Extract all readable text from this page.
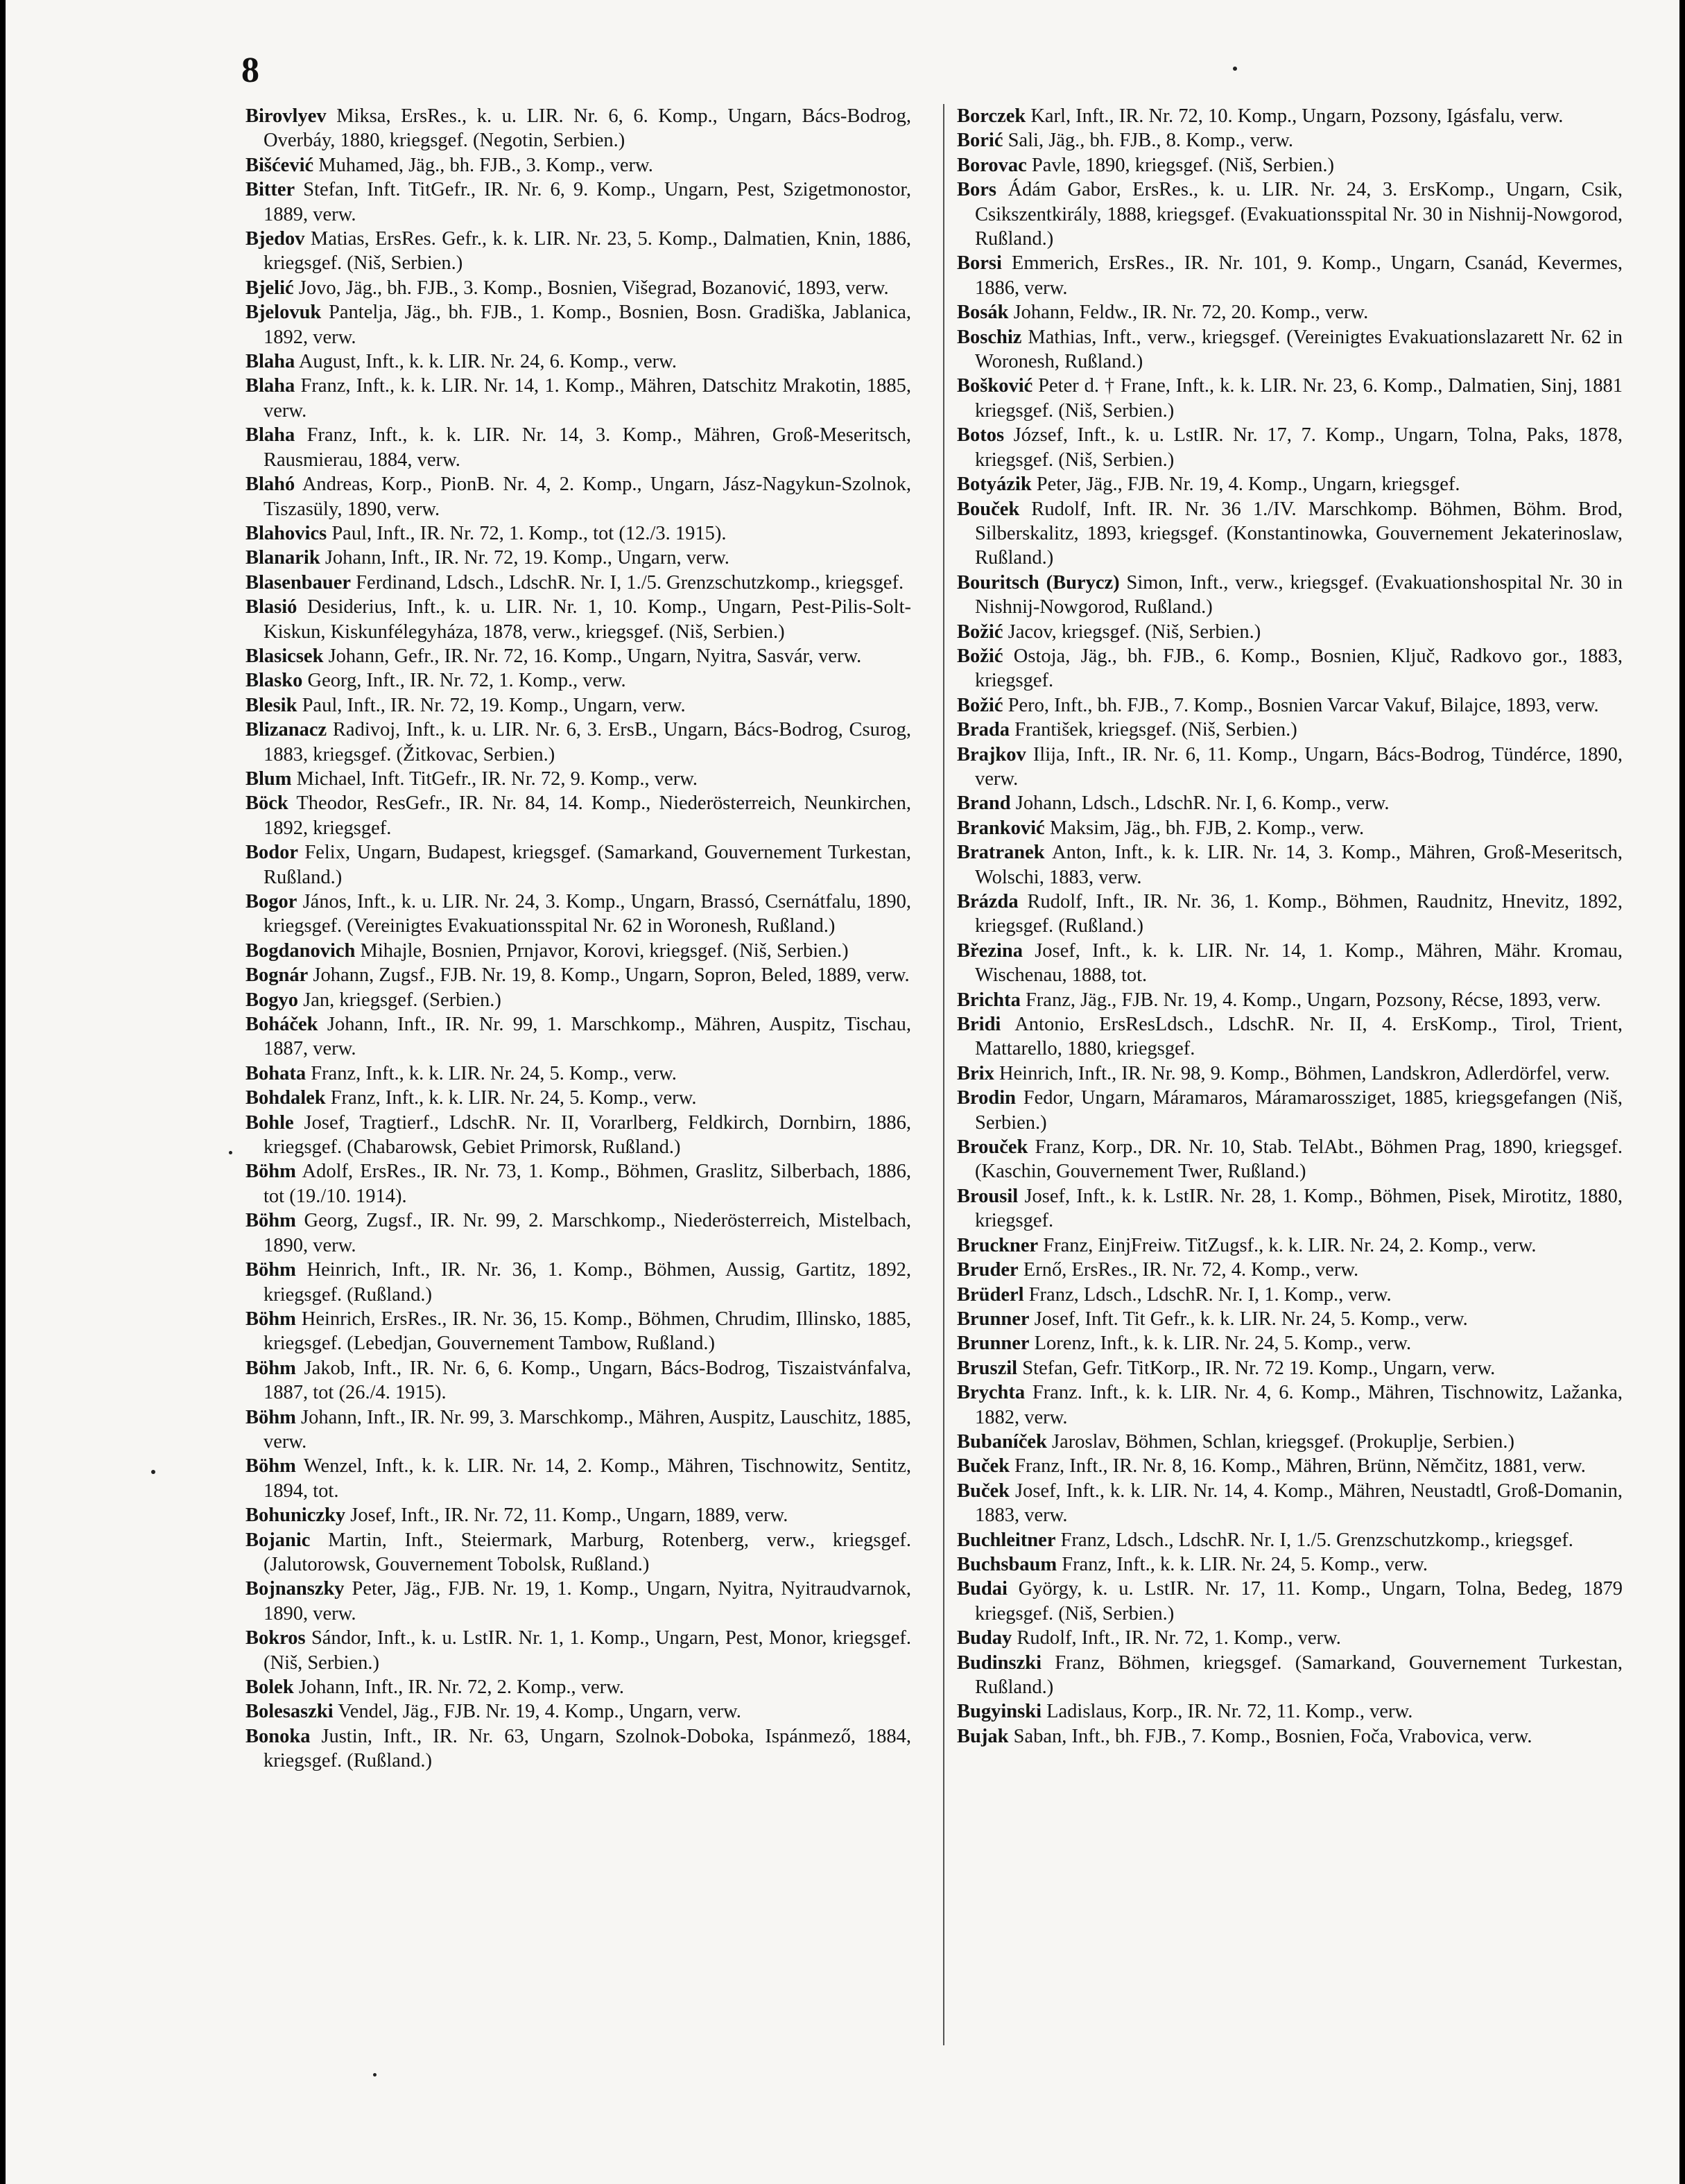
8

Birovlyev Miksa, ErsRes., k. u. LIR. Nr. 6, 6. Komp., Ungarn, Bács-Bodrog, Overbáy, 1880, kriegsgef. (Negotin, Serbien.)

Bišćević Muhamed, Jäg., bh. FJB., 3. Komp., verw.

Bitter Stefan, Inft. TitGefr., IR. Nr. 6, 9. Komp., Ungarn, Pest, Szigetmonostor, 1889, verw.

Bjedov Matias, ErsRes. Gefr., k. k. LIR. Nr. 23, 5. Komp., Dalmatien, Knin, 1886, kriegsgef. (Niš, Serbien.)

Bjelić Jovo, Jäg., bh. FJB., 3. Komp., Bosnien, Višegrad, Bozanović, 1893, verw.

Bjelovuk Pantelja, Jäg., bh. FJB., 1. Komp., Bosnien, Bosn. Gradiška, Jablanica, 1892, verw.

Blaha August, Inft., k. k. LIR. Nr. 24, 6. Komp., verw.

Blaha Franz, Inft., k. k. LIR. Nr. 14, 1. Komp., Mähren, Datschitz Mrakotin, 1885, verw.

Blaha Franz, Inft., k. k. LIR. Nr. 14, 3. Komp., Mähren, Groß-Meseritsch, Rausmierau, 1884, verw.

Blahó Andreas, Korp., PionB. Nr. 4, 2. Komp., Ungarn, Jász-Nagykun-Szolnok, Tiszasüly, 1890, verw.

Blahovics Paul, Inft., IR. Nr. 72, 1. Komp., tot (12./3. 1915).

Blanarik Johann, Inft., IR. Nr. 72, 19. Komp., Ungarn, verw.

Blasenbauer Ferdinand, Ldsch., LdschR. Nr. I, 1./5. Grenzschutzkomp., kriegsgef.

Blasió Desiderius, Inft., k. u. LIR. Nr. 1, 10. Komp., Ungarn, Pest-Pilis-Solt-Kiskun, Kiskunfélegyháza, 1878, verw., kriegsgef. (Niš, Serbien.)

Blasicsek Johann, Gefr., IR. Nr. 72, 16. Komp., Ungarn, Nyitra, Sasvár, verw.

Blasko Georg, Inft., IR. Nr. 72, 1. Komp., verw.

Blesik Paul, Inft., IR. Nr. 72, 19. Komp., Ungarn, verw.

Blizanacz Radivoj, Inft., k. u. LIR. Nr. 6, 3. ErsB., Ungarn, Bács-Bodrog, Csurog, 1883, kriegsgef. (Žitkovac, Serbien.)

Blum Michael, Inft. TitGefr., IR. Nr. 72, 9. Komp., verw.

Böck Theodor, ResGefr., IR. Nr. 84, 14. Komp., Niederösterreich, Neunkirchen, 1892, kriegsgef.

Bodor Felix, Ungarn, Budapest, kriegsgef. (Samarkand, Gouvernement Turkestan, Rußland.)

Bogor János, Inft., k. u. LIR. Nr. 24, 3. Komp., Ungarn, Brassó, Csernátfalu, 1890, kriegsgef. (Vereinigtes Evakuationsspital Nr. 62 in Woronesh, Rußland.)

Bogdanovich Mihajle, Bosnien, Prnjavor, Korovi, kriegsgef. (Niš, Serbien.)

Bognár Johann, Zugsf., FJB. Nr. 19, 8. Komp., Ungarn, Sopron, Beled, 1889, verw.

Bogyo Jan, kriegsgef. (Serbien.)

Boháček Johann, Inft., IR. Nr. 99, 1. Marschkomp., Mähren, Auspitz, Tischau, 1887, verw.

Bohata Franz, Inft., k. k. LIR. Nr. 24, 5. Komp., verw.

Bohdalek Franz, Inft., k. k. LIR. Nr. 24, 5. Komp., verw.

Bohle Josef, Tragtierf., LdschR. Nr. II, Vorarlberg, Feldkirch, Dornbirn, 1886, kriegsgef. (Chabarowsk, Gebiet Primorsk, Rußland.)

Böhm Adolf, ErsRes., IR. Nr. 73, 1. Komp., Böhmen, Graslitz, Silberbach, 1886, tot (19./10. 1914).

Böhm Georg, Zugsf., IR. Nr. 99, 2. Marschkomp., Niederösterreich, Mistelbach, 1890, verw.

Böhm Heinrich, Inft., IR. Nr. 36, 1. Komp., Böhmen, Aussig, Gartitz, 1892, kriegsgef. (Rußland.)

Böhm Heinrich, ErsRes., IR. Nr. 36, 15. Komp., Böhmen, Chrudim, Illinsko, 1885, kriegsgef. (Lebedjan, Gouvernement Tambow, Rußland.)

Böhm Jakob, Inft., IR. Nr. 6, 6. Komp., Ungarn, Bács-Bodrog, Tiszaistvánfalva, 1887, tot (26./4. 1915).

Böhm Johann, Inft., IR. Nr. 99, 3. Marschkomp., Mähren, Auspitz, Lauschitz, 1885, verw.

Böhm Wenzel, Inft., k. k. LIR. Nr. 14, 2. Komp., Mähren, Tischnowitz, Sentitz, 1894, tot.

Bohuniczky Josef, Inft., IR. Nr. 72, 11. Komp., Ungarn, 1889, verw.

Bojanic Martin, Inft., Steiermark, Marburg, Rotenberg, verw., kriegsgef. (Jalutorowsk, Gouvernement Tobolsk, Rußland.)

Bojnanszky Peter, Jäg., FJB. Nr. 19, 1. Komp., Ungarn, Nyitra, Nyitraudvarnok, 1890, verw.

Bokros Sándor, Inft., k. u. LstIR. Nr. 1, 1. Komp., Ungarn, Pest, Monor, kriegsgef. (Niš, Serbien.)

Bolek Johann, Inft., IR. Nr. 72, 2. Komp., verw.

Bolesaszki Vendel, Jäg., FJB. Nr. 19, 4. Komp., Ungarn, verw.

Bonoka Justin, Inft., IR. Nr. 63, Ungarn, Szolnok-Doboka, Ispánmező, 1884, kriegsgef. (Rußland.)

Borczek Karl, Inft., IR. Nr. 72, 10. Komp., Ungarn, Pozsony, Igásfalu, verw.

Borić Sali, Jäg., bh. FJB., 8. Komp., verw.

Borovac Pavle, 1890, kriegsgef. (Niš, Serbien.)

Bors Ádám Gabor, ErsRes., k. u. LIR. Nr. 24, 3. ErsKomp., Ungarn, Csik, Csikszentkirály, 1888, kriegsgef. (Evakuationsspital Nr. 30 in Nishnij-Nowgorod, Rußland.)

Borsi Emmerich, ErsRes., IR. Nr. 101, 9. Komp., Ungarn, Csanád, Kevermes, 1886, verw.

Bosák Johann, Feldw., IR. Nr. 72, 20. Komp., verw.

Boschiz Mathias, Inft., verw., kriegsgef. (Vereinigtes Evakuationslazarett Nr. 62 in Woronesh, Rußland.)

Bošković Peter d. † Frane, Inft., k. k. LIR. Nr. 23, 6. Komp., Dalmatien, Sinj, 1881 kriegsgef. (Niš, Serbien.)

Botos József, Inft., k. u. LstIR. Nr. 17, 7. Komp., Ungarn, Tolna, Paks, 1878, kriegsgef. (Niš, Serbien.)

Botyázik Peter, Jäg., FJB. Nr. 19, 4. Komp., Ungarn, kriegsgef.

Bouček Rudolf, Inft. IR. Nr. 36 1./IV. Marschkomp. Böhmen, Böhm. Brod, Silberskalitz, 1893, kriegsgef. (Konstantinowka, Gouvernement Jekaterinoslaw, Rußland.)

Bouritsch (Burycz) Simon, Inft., verw., kriegsgef. (Evakuationshospital Nr. 30 in Nishnij-Nowgorod, Rußland.)

Božić Jacov, kriegsgef. (Niš, Serbien.)

Božić Ostoja, Jäg., bh. FJB., 6. Komp., Bosnien, Ključ, Radkovo gor., 1883, kriegsgef.

Božić Pero, Inft., bh. FJB., 7. Komp., Bosnien Varcar Vakuf, Bilajce, 1893, verw.

Brada František, kriegsgef. (Niš, Serbien.)

Brajkov Ilija, Inft., IR. Nr. 6, 11. Komp., Ungarn, Bács-Bodrog, Tündérce, 1890, verw.

Brand Johann, Ldsch., LdschR. Nr. I, 6. Komp., verw.

Branković Maksim, Jäg., bh. FJB, 2. Komp., verw.

Bratranek Anton, Inft., k. k. LIR. Nr. 14, 3. Komp., Mähren, Groß-Meseritsch, Wolschi, 1883, verw.

Brázda Rudolf, Inft., IR. Nr. 36, 1. Komp., Böhmen, Raudnitz, Hnevitz, 1892, kriegsgef. (Rußland.)

Březina Josef, Inft., k. k. LIR. Nr. 14, 1. Komp., Mähren, Mähr. Kromau, Wischenau, 1888, tot.

Brichta Franz, Jäg., FJB. Nr. 19, 4. Komp., Ungarn, Pozsony, Récse, 1893, verw.

Bridi Antonio, ErsResLdsch., LdschR. Nr. II, 4. ErsKomp., Tirol, Trient, Mattarello, 1880, kriegsgef.

Brix Heinrich, Inft., IR. Nr. 98, 9. Komp., Böhmen, Landskron, Adlerdörfel, verw.

Brodin Fedor, Ungarn, Máramaros, Máramarossziget, 1885, kriegsgefangen (Niš, Serbien.)

Brouček Franz, Korp., DR. Nr. 10, Stab. TelAbt., Böhmen Prag, 1890, kriegsgef. (Kaschin, Gouvernement Twer, Rußland.)

Brousil Josef, Inft., k. k. LstIR. Nr. 28, 1. Komp., Böhmen, Pisek, Mirotitz, 1880, kriegsgef.

Bruckner Franz, EinjFreiw. TitZugsf., k. k. LIR. Nr. 24, 2. Komp., verw.

Bruder Ernő, ErsRes., IR. Nr. 72, 4. Komp., verw.

Brüderl Franz, Ldsch., LdschR. Nr. I, 1. Komp., verw.

Brunner Josef, Inft. Tit Gefr., k. k. LIR. Nr. 24, 5. Komp., verw.

Brunner Lorenz, Inft., k. k. LIR. Nr. 24, 5. Komp., verw.

Bruszil Stefan, Gefr. TitKorp., IR. Nr. 72 19. Komp., Ungarn, verw.

Brychta Franz. Inft., k. k. LIR. Nr. 4, 6. Komp., Mähren, Tischnowitz, Lažanka, 1882, verw.

Bubaníček Jaroslav, Böhmen, Schlan, kriegsgef. (Prokuplje, Serbien.)

Buček Franz, Inft., IR. Nr. 8, 16. Komp., Mähren, Brünn, Němčitz, 1881, verw.

Buček Josef, Inft., k. k. LIR. Nr. 14, 4. Komp., Mähren, Neustadtl, Groß-Domanin, 1883, verw.

Buchleitner Franz, Ldsch., LdschR. Nr. I, 1./5. Grenzschutzkomp., kriegsgef.

Buchsbaum Franz, Inft., k. k. LIR. Nr. 24, 5. Komp., verw.

Budai György, k. u. LstIR. Nr. 17, 11. Komp., Ungarn, Tolna, Bedeg, 1879 kriegsgef. (Niš, Serbien.)

Buday Rudolf, Inft., IR. Nr. 72, 1. Komp., verw.

Budinszki Franz, Böhmen, kriegsgef. (Samarkand, Gouvernement Turkestan, Rußland.)

Bugyinski Ladislaus, Korp., IR. Nr. 72, 11. Komp., verw.

Bujak Saban, Inft., bh. FJB., 7. Komp., Bosnien, Foča, Vrabovica, verw.
